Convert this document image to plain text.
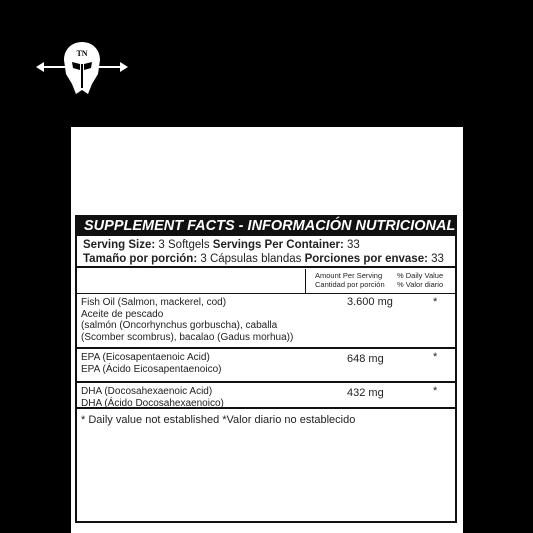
TN
SUPPLEMENT FACTS - INFORMACIÓN NUTRICIONAL
Serving Size: 3 Softgels Servings Per Container: 33
Tamaño por porción: 3 Cápsulas blandas Porciones por envase: 33
Amount Per Serving
Cantidad por porción
% Daily Value
% Valor diario
Fish Oil (Salmon, mackerel, cod)
Aceite de pescado
(salmón (Oncorhynchus gorbuscha), caballa
(Scomber scombrus), bacalao (Gadus morhua))
3.600 mg	*
EPA (Eicosapentaenoic Acid)
EPA (Ácido Eicosapentaenoico)
648 mg	*
DHA (Docosahexaenoic Acid)
DHA (Ácido Docosahexaenoico)
432 mg	*
* Daily value not established *Valor diario no establecido
